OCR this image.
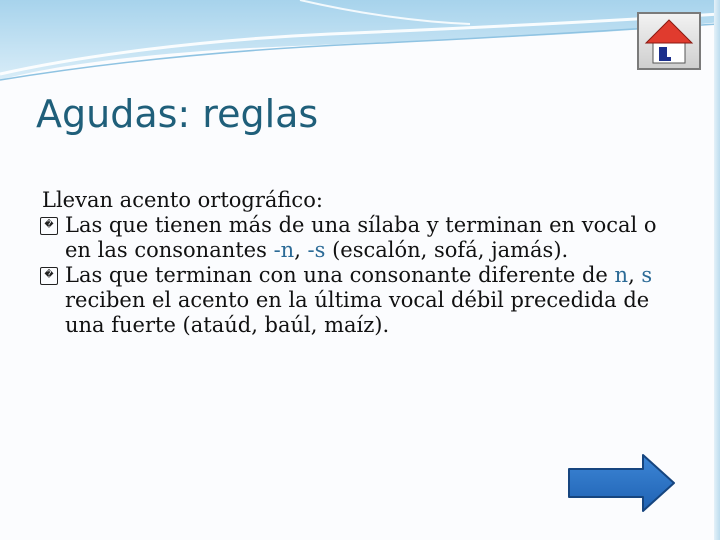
Agudas: reglas

Llevan acento ortográfico:

� Las que tienen más de una sílaba y terminan en vocal o en las consonantes -n, -s (escalón, sofá, jamás).

� Las que terminan con una consonante diferente de n, s reciben el acento en la última vocal débil precedida de una fuerte (ataúd, baúl, maíz).
